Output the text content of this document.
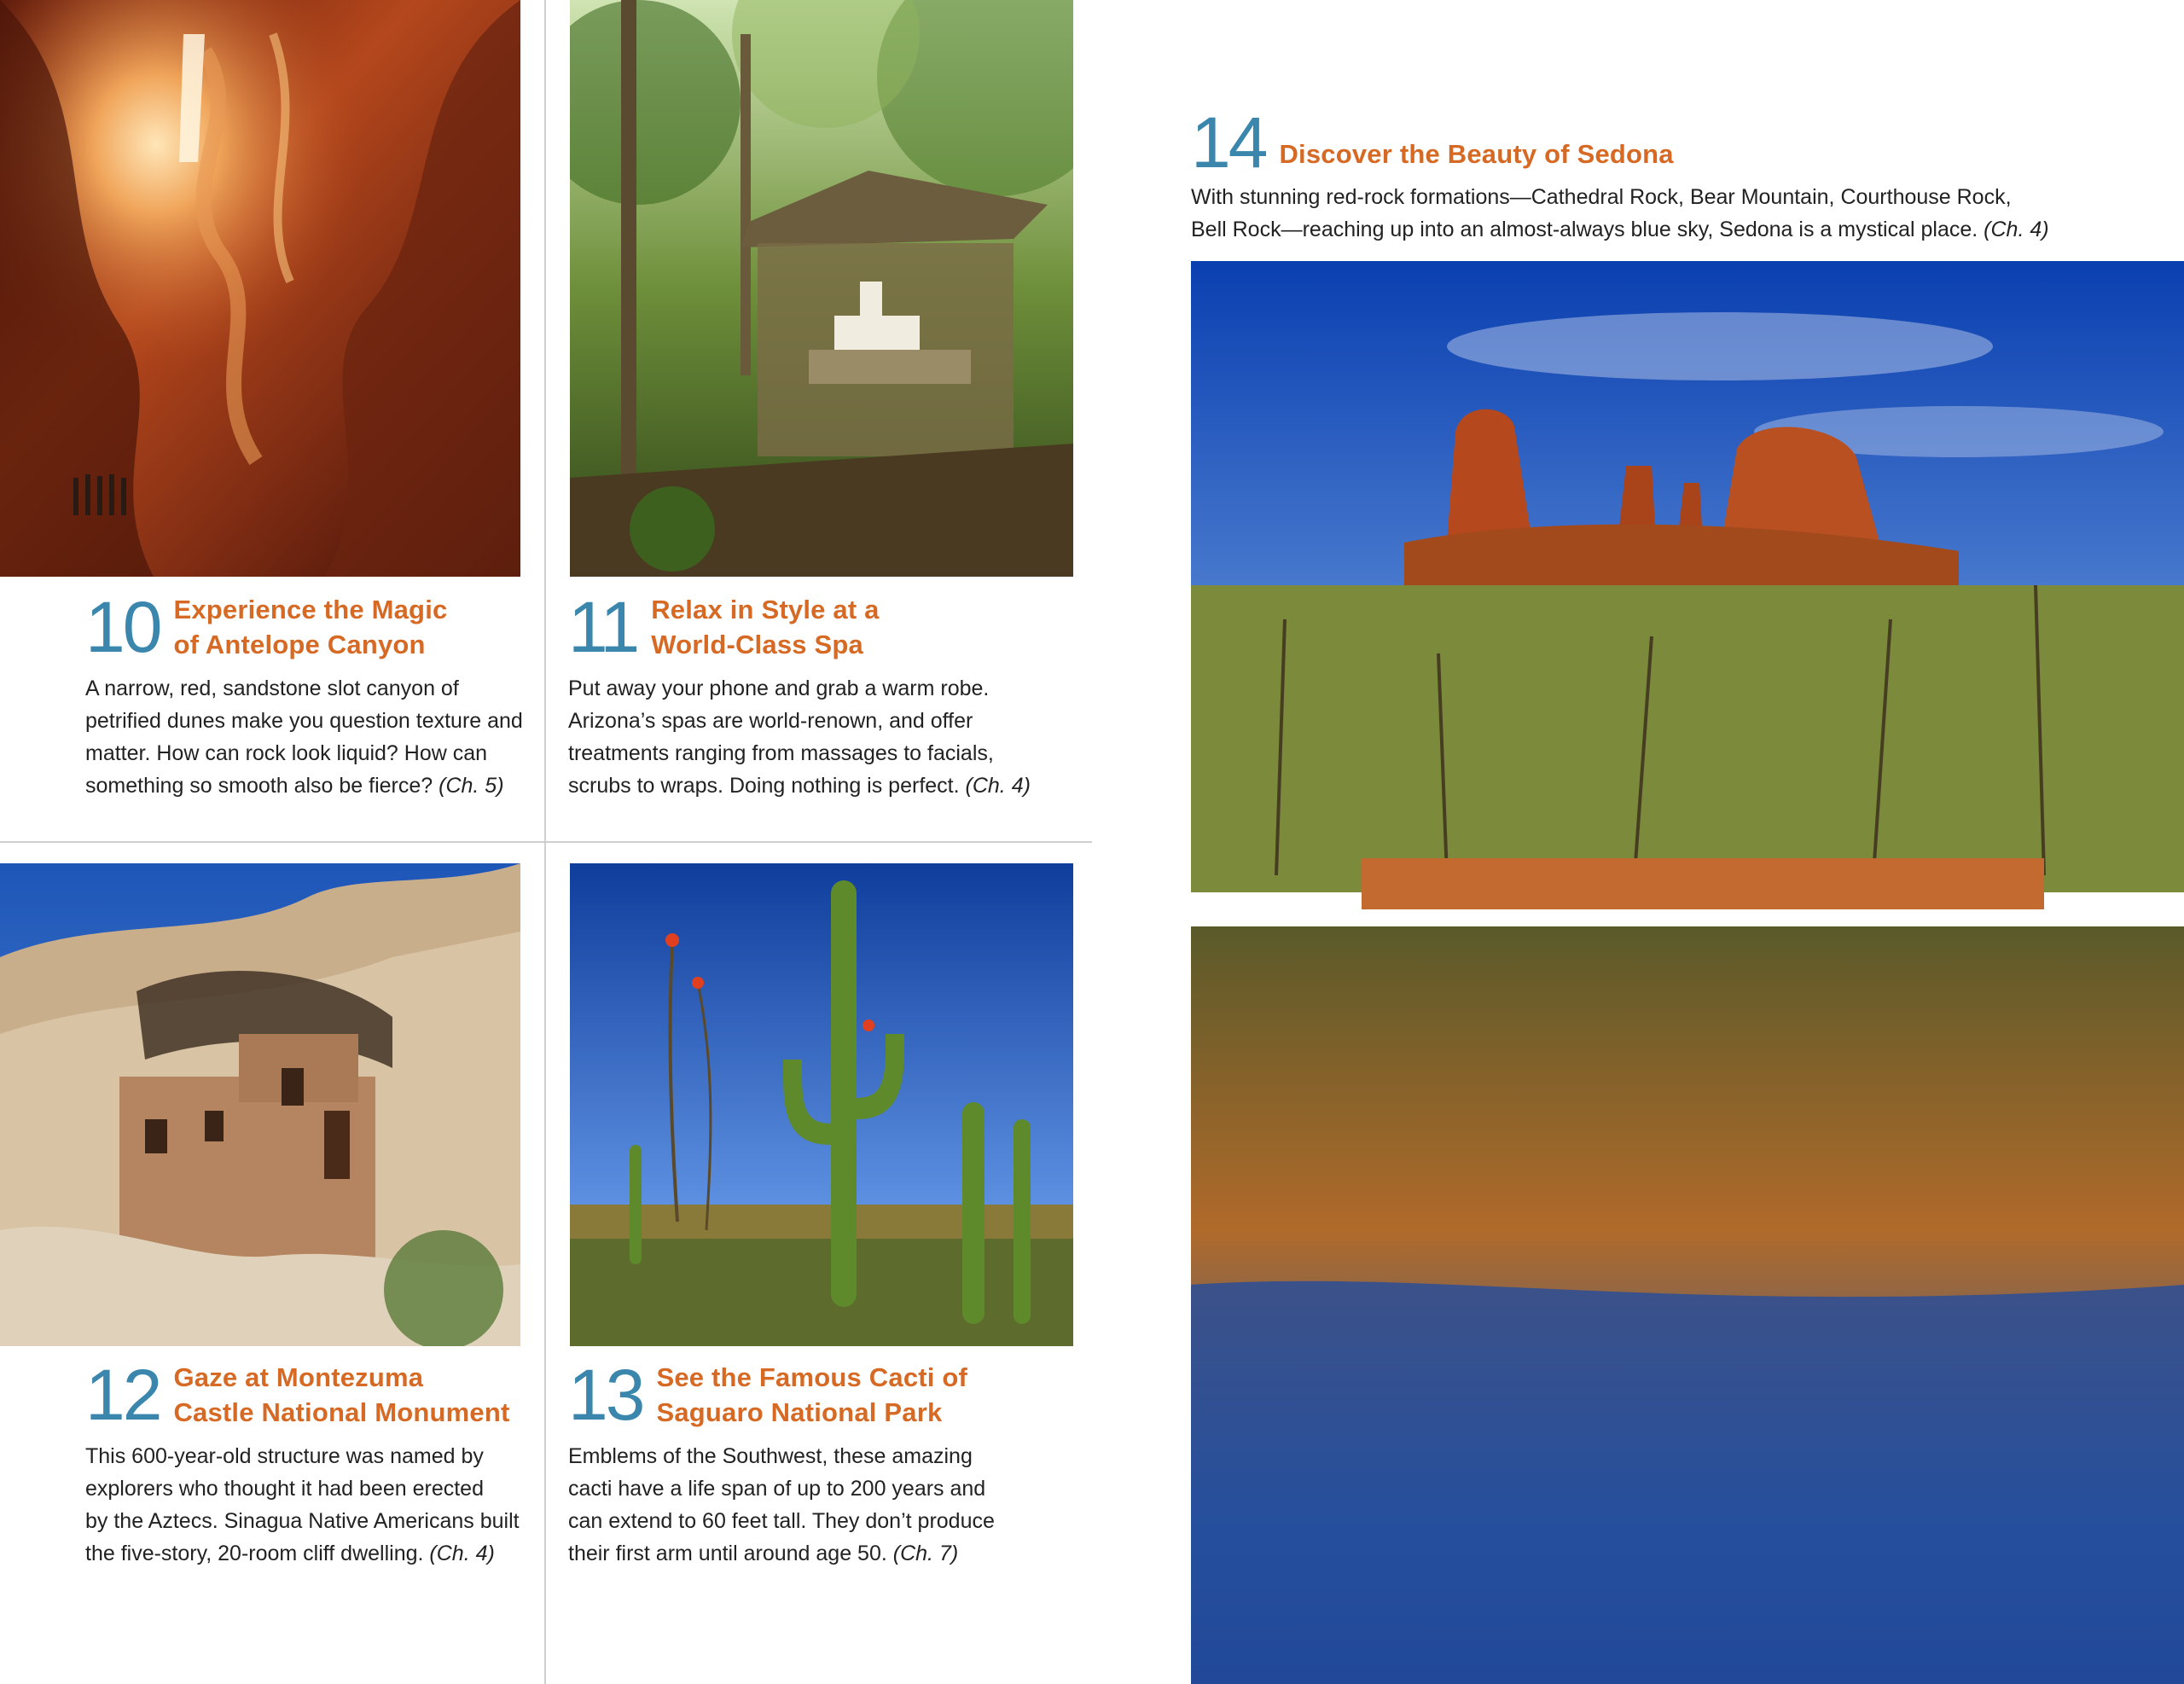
10 Experience the Magic
of Antelope Canyon
A narrow, red, sandstone slot canyon of
petrified dunes make you question texture and
matter. How can rock look liquid? How can
something so smooth also be fierce? (Ch. 5)
11 Relax in Style at a
World-Class Spa
Put away your phone and grab a warm robe.
Arizona’s spas are world-renown, and offer
treatments ranging from massages to facials,
scrubs to wraps. Doing nothing is perfect. (Ch. 4)
12 Gaze at Montezuma
Castle National Monument
This 600-year-old structure was named by
explorers who thought it had been erected
by the Aztecs. Sinagua Native Americans built
the five-story, 20-room cliff dwelling. (Ch. 4)
13 See the Famous Cacti of
Saguaro National Park
Emblems of the Southwest, these amazing
cacti have a life span of up to 200 years and
can extend to 60 feet tall. They don’t produce
their first arm until around age 50. (Ch. 7)
14 Discover the Beauty of Sedona
With stunning red-rock formations—Cathedral Rock, Bear Mountain, Courthouse Rock,
Bell Rock—reaching up into an almost-always blue sky, Sedona is a mystical place. (Ch. 4)
